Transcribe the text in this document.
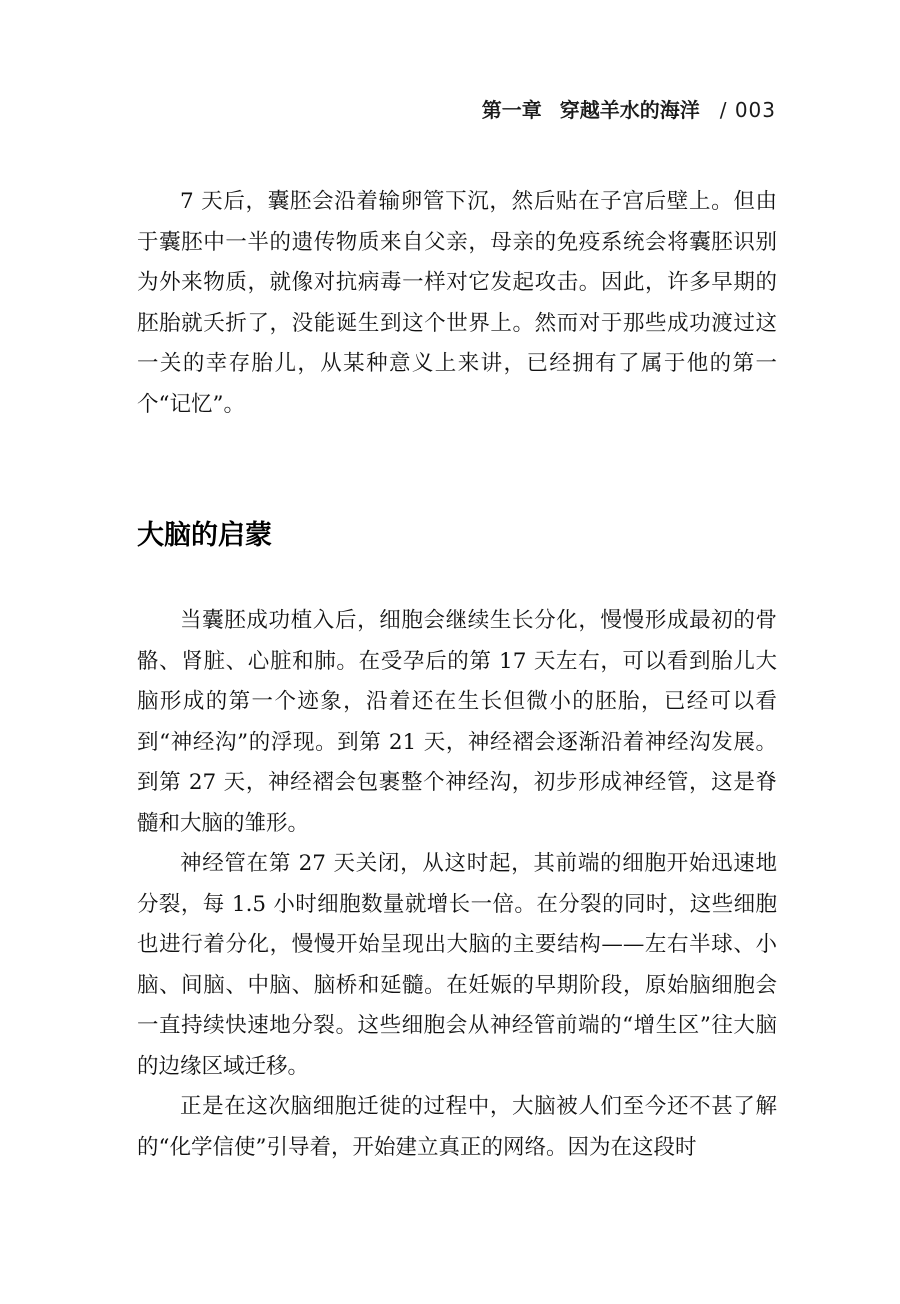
第一章 穿越羊水的海洋 / 003

7 天后，囊胚会沿着输卵管下沉，然后贴在子宫后壁上。但由于囊胚中一半的遗传物质来自父亲，母亲的免疫系统会将囊胚识别为外来物质，就像对抗病毒一样对它发起攻击。因此，许多早期的胚胎就夭折了，没能诞生到这个世界上。然而对于那些成功渡过这一关的幸存胎儿，从某种意义上来讲，已经拥有了属于他的第一个“记忆”。

大脑的启蒙

当囊胚成功植入后，细胞会继续生长分化，慢慢形成最初的骨骼、肾脏、心脏和肺。在受孕后的第 17 天左右，可以看到胎儿大脑形成的第一个迹象，沿着还在生长但微小的胚胎，已经可以看到“神经沟”的浮现。到第 21 天，神经褶会逐渐沿着神经沟发展。到第 27 天，神经褶会包裹整个神经沟，初步形成神经管，这是脊髓和大脑的雏形。

神经管在第 27 天关闭，从这时起，其前端的细胞开始迅速地分裂，每 1.5 小时细胞数量就增长一倍。在分裂的同时，这些细胞也进行着分化，慢慢开始呈现出大脑的主要结构——左右半球、小脑、间脑、中脑、脑桥和延髓。在妊娠的早期阶段，原始脑细胞会一直持续快速地分裂。这些细胞会从神经管前端的“增生区”往大脑的边缘区域迁移。

正是在这次脑细胞迁徙的过程中，大脑被人们至今还不甚了解的“化学信使”引导着，开始建立真正的网络。因为在这段时
